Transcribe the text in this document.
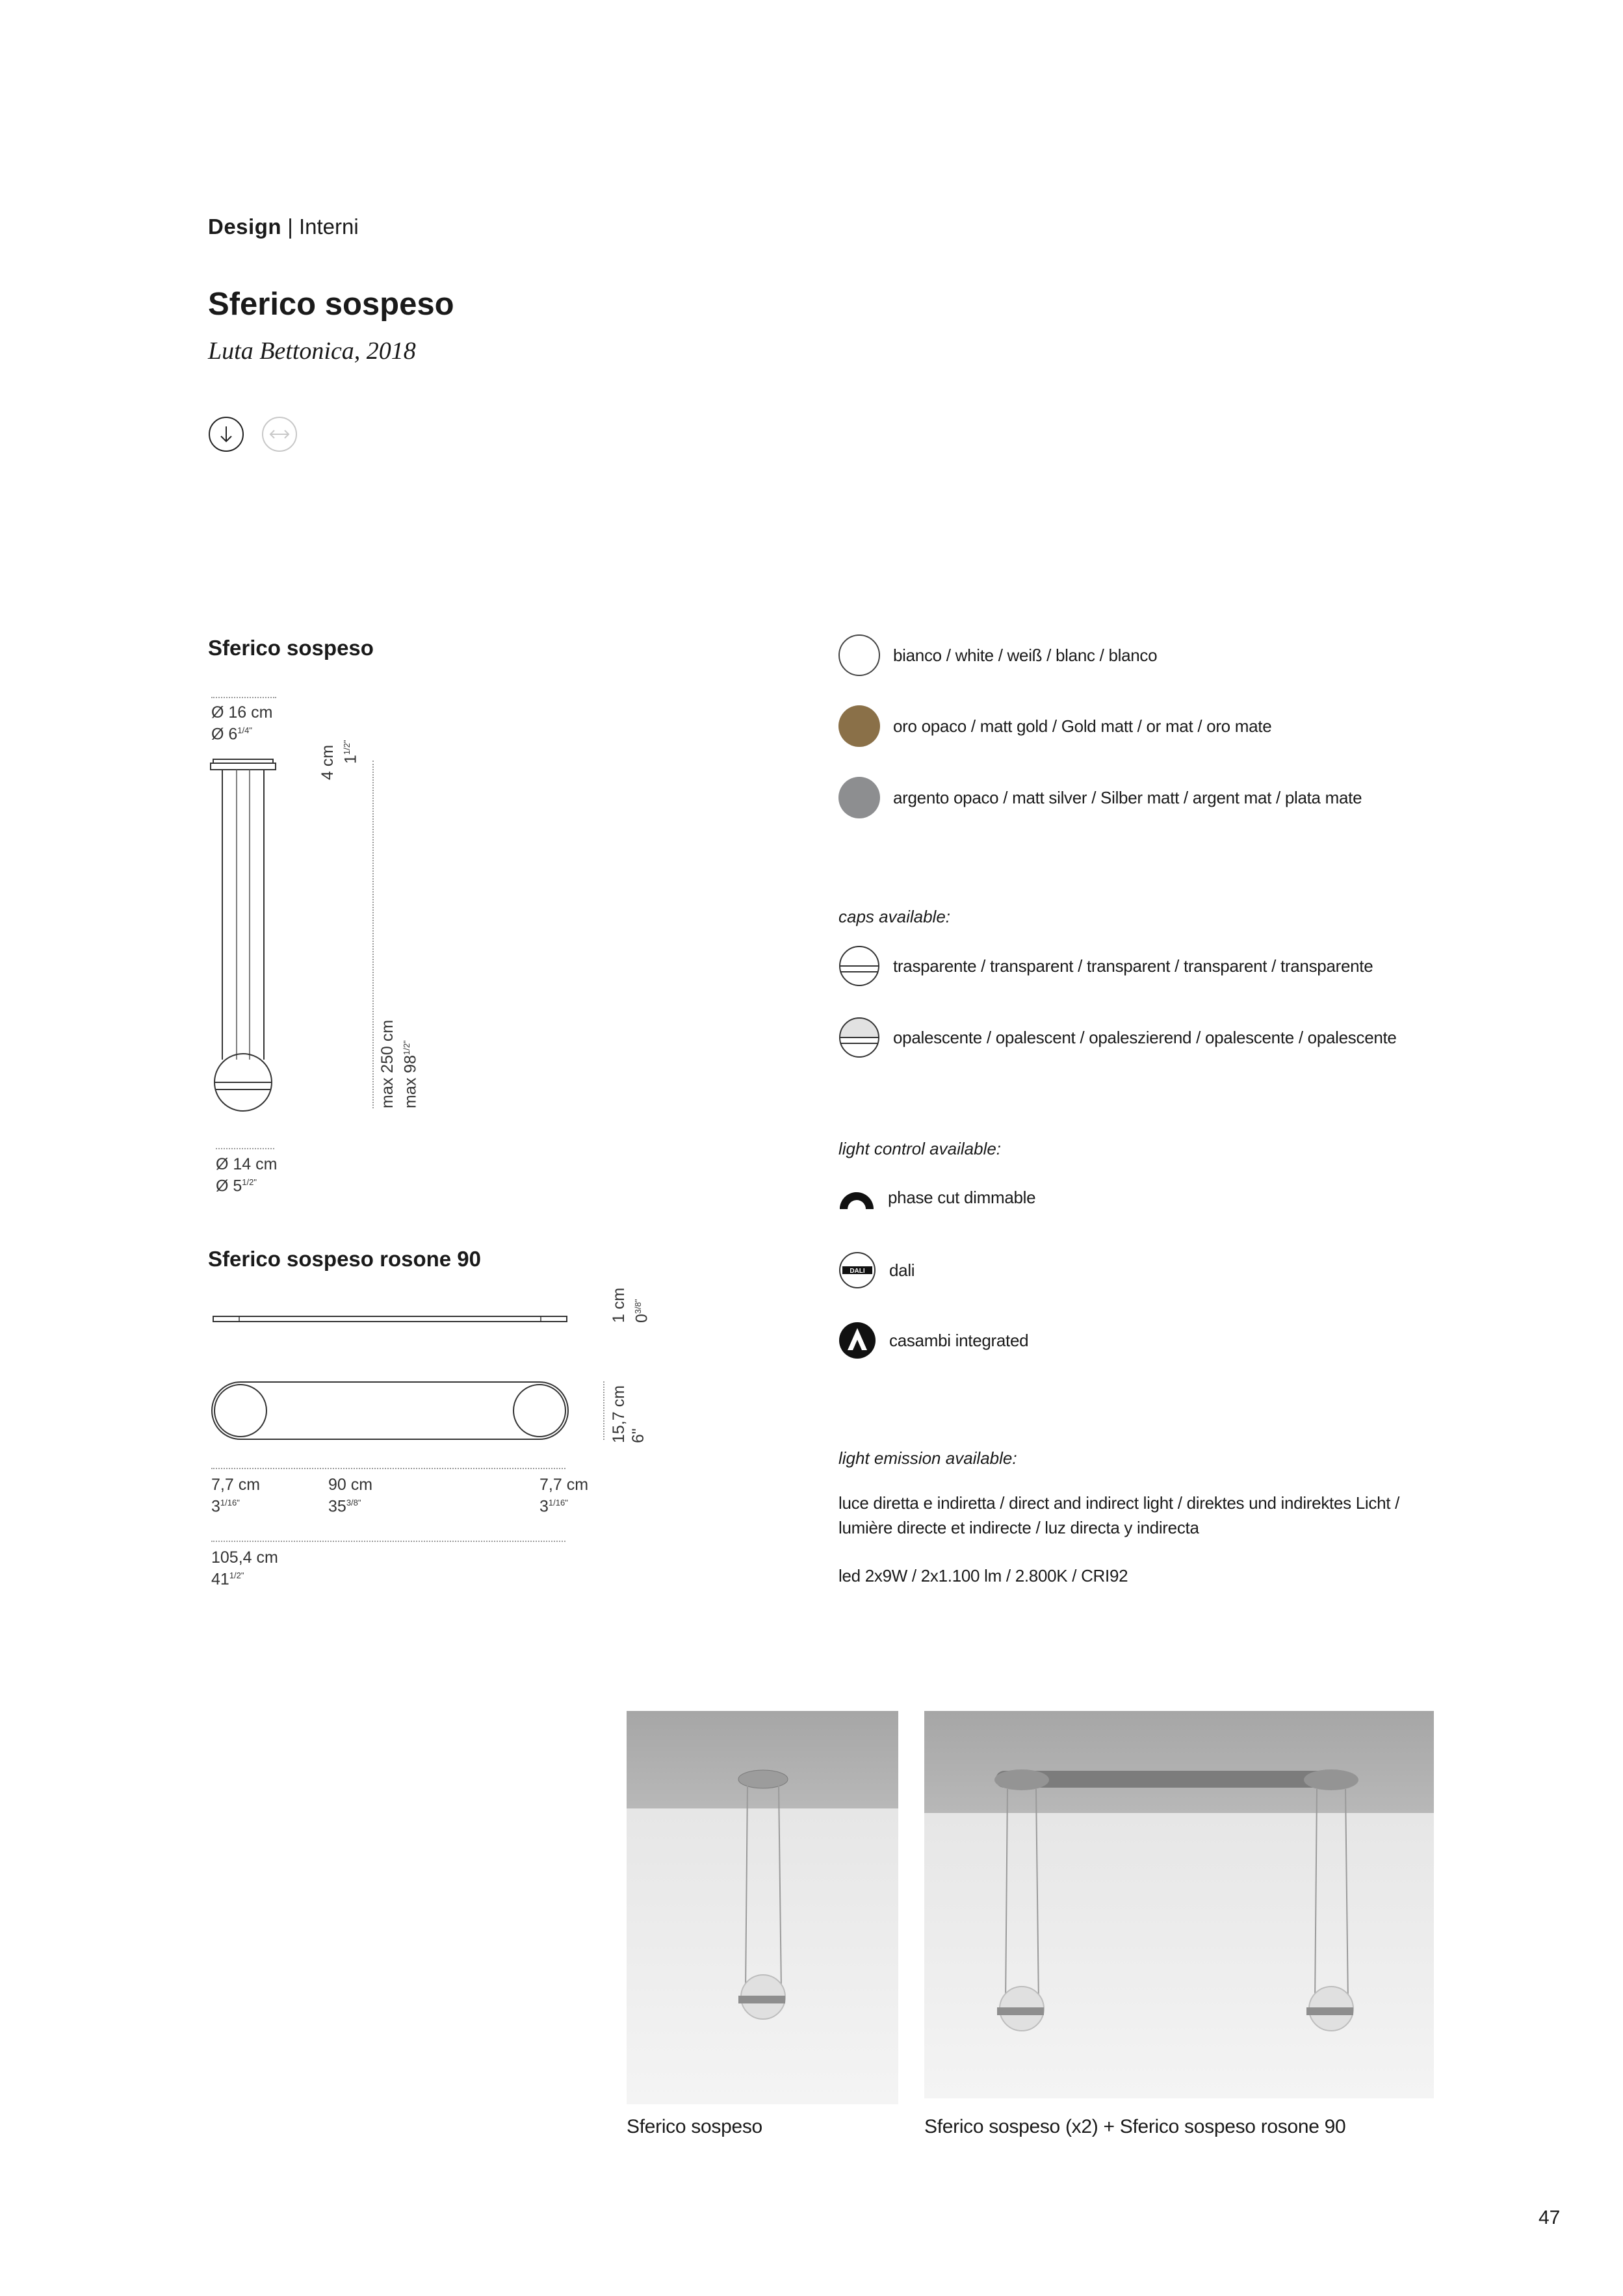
Design | Interni
Sferico sospeso
Luta Bettonica, 2018
Sferico sospeso
Ø 16 cm
Ø $6^{1/4"}$
4 cm $1^{1/2"}$
max 250 cm $\max 98^{1/2"}$
Ø 14 cm
Ø $5^{1/2"}$
Sferico sospeso rosone 90
1 cm $0^{3/8"}$
15,7 cm 6"
7,7 cm
$3^{1/16"}$
90 cm
$35^{3/8"}$
7,7 cm
$3^{1/16"}$
105,4 cm
$41^{1/2"}$
bianco / white / weiß / blanc / blanco
oro opaco / matt gold / Gold matt / or mat / oro mate
argento opaco / matt silver / Silber matt / argent mat / plata mate
caps available:
trasparente / transparent / transparent / transparent / transparente
opalescente / opalescent / opaleszierend / opalescente / opalescente
light control available:
phase cut dimmable
DALI dali
casambi integrated
light emission available:
luce diretta e indiretta / direct and indirect light / direktes und indirektes Licht /
lumière directe et indirecte / luz directa y indirecta
led 2x9W / 2x1.100 lm / 2.800K / CRI92
Sferico sospeso	Sferico sospeso (x2) + Sferico sospeso rosone 90
47
